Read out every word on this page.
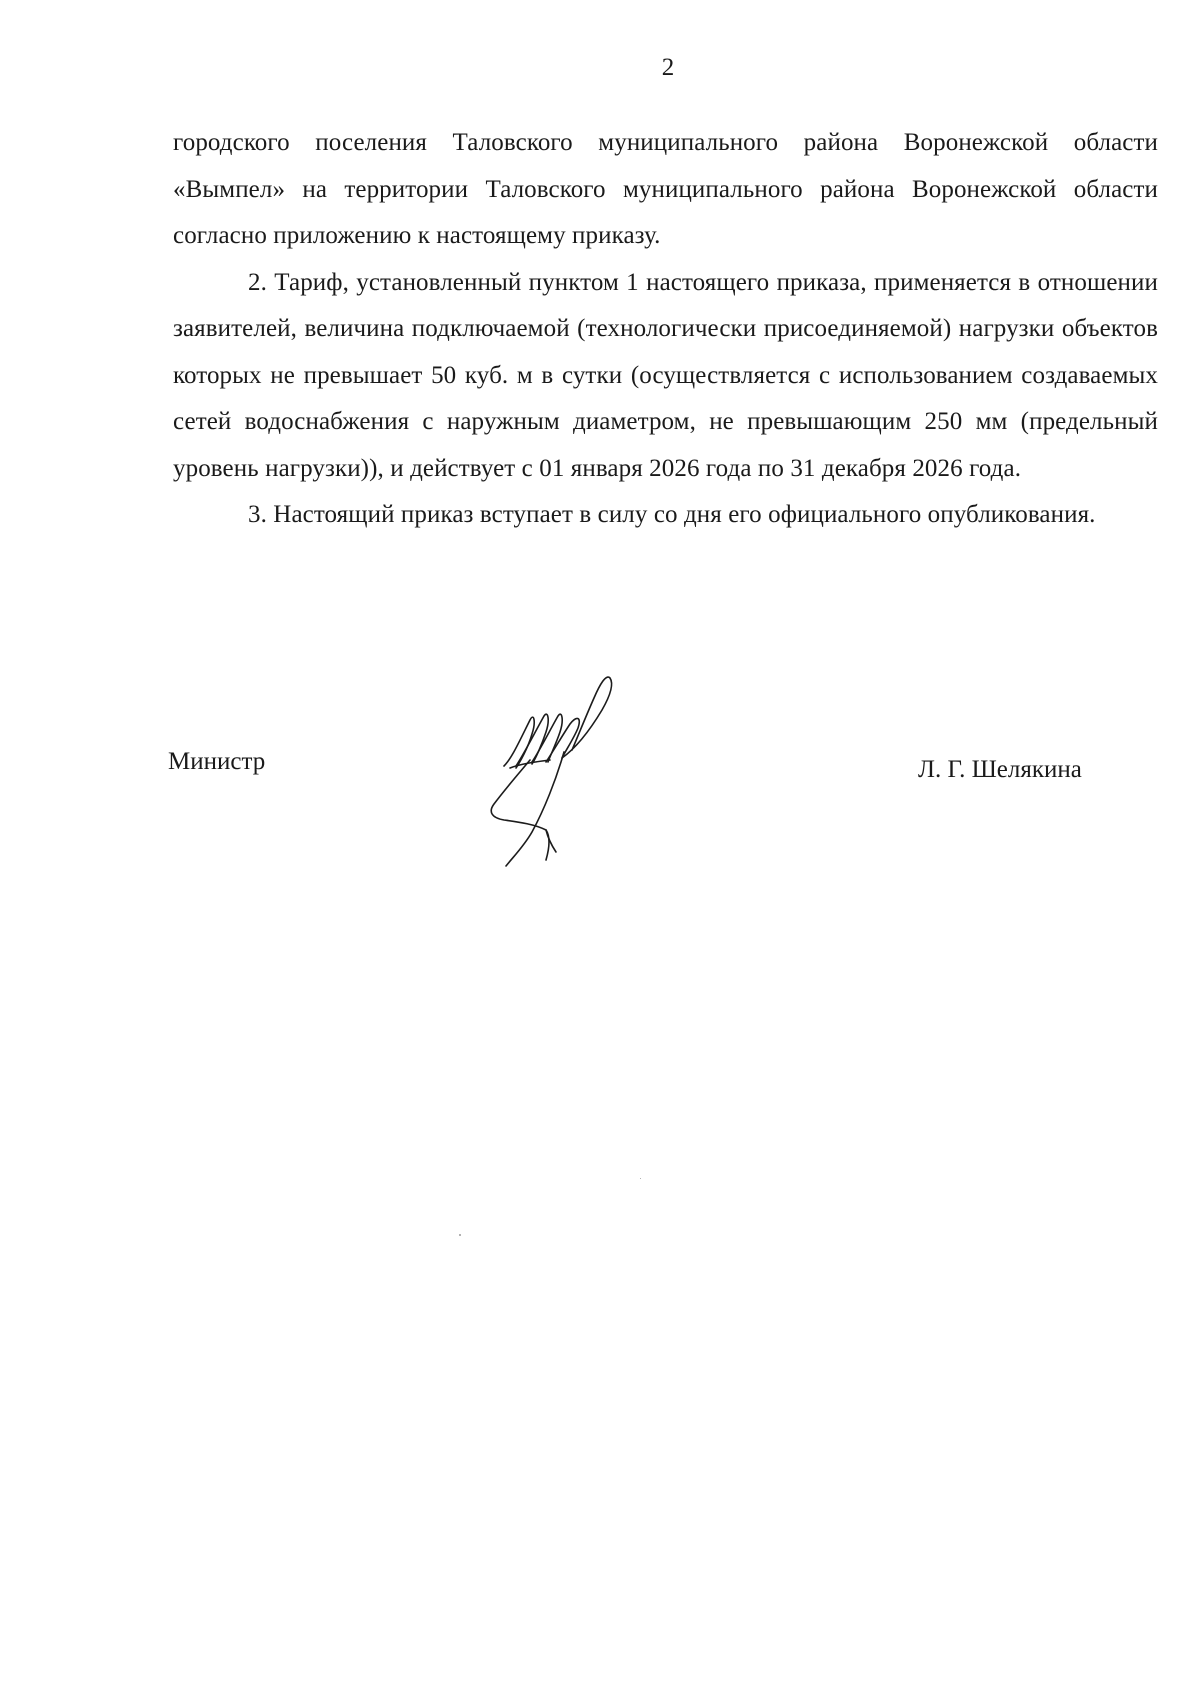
2

городского поселения Таловского муниципального района Воронежской области «Вымпел» на территории Таловского муниципального района Воронежской области согласно приложению к настоящему приказу.

2. Тариф, установленный пунктом 1 настоящего приказа, применяется в отношении заявителей, величина подключаемой (технологически присоединяемой) нагрузки объектов которых не превышает 50 куб. м в сутки (осуществляется с использованием создаваемых сетей водоснабжения с наружным диаметром, не превышающим 250 мм (предельный уровень нагрузки)), и действует с 01 января 2026 года по 31 декабря 2026 года.

3. Настоящий приказ вступает в силу со дня его официального опубликования.

Министр	Л. Г. Шелякина
